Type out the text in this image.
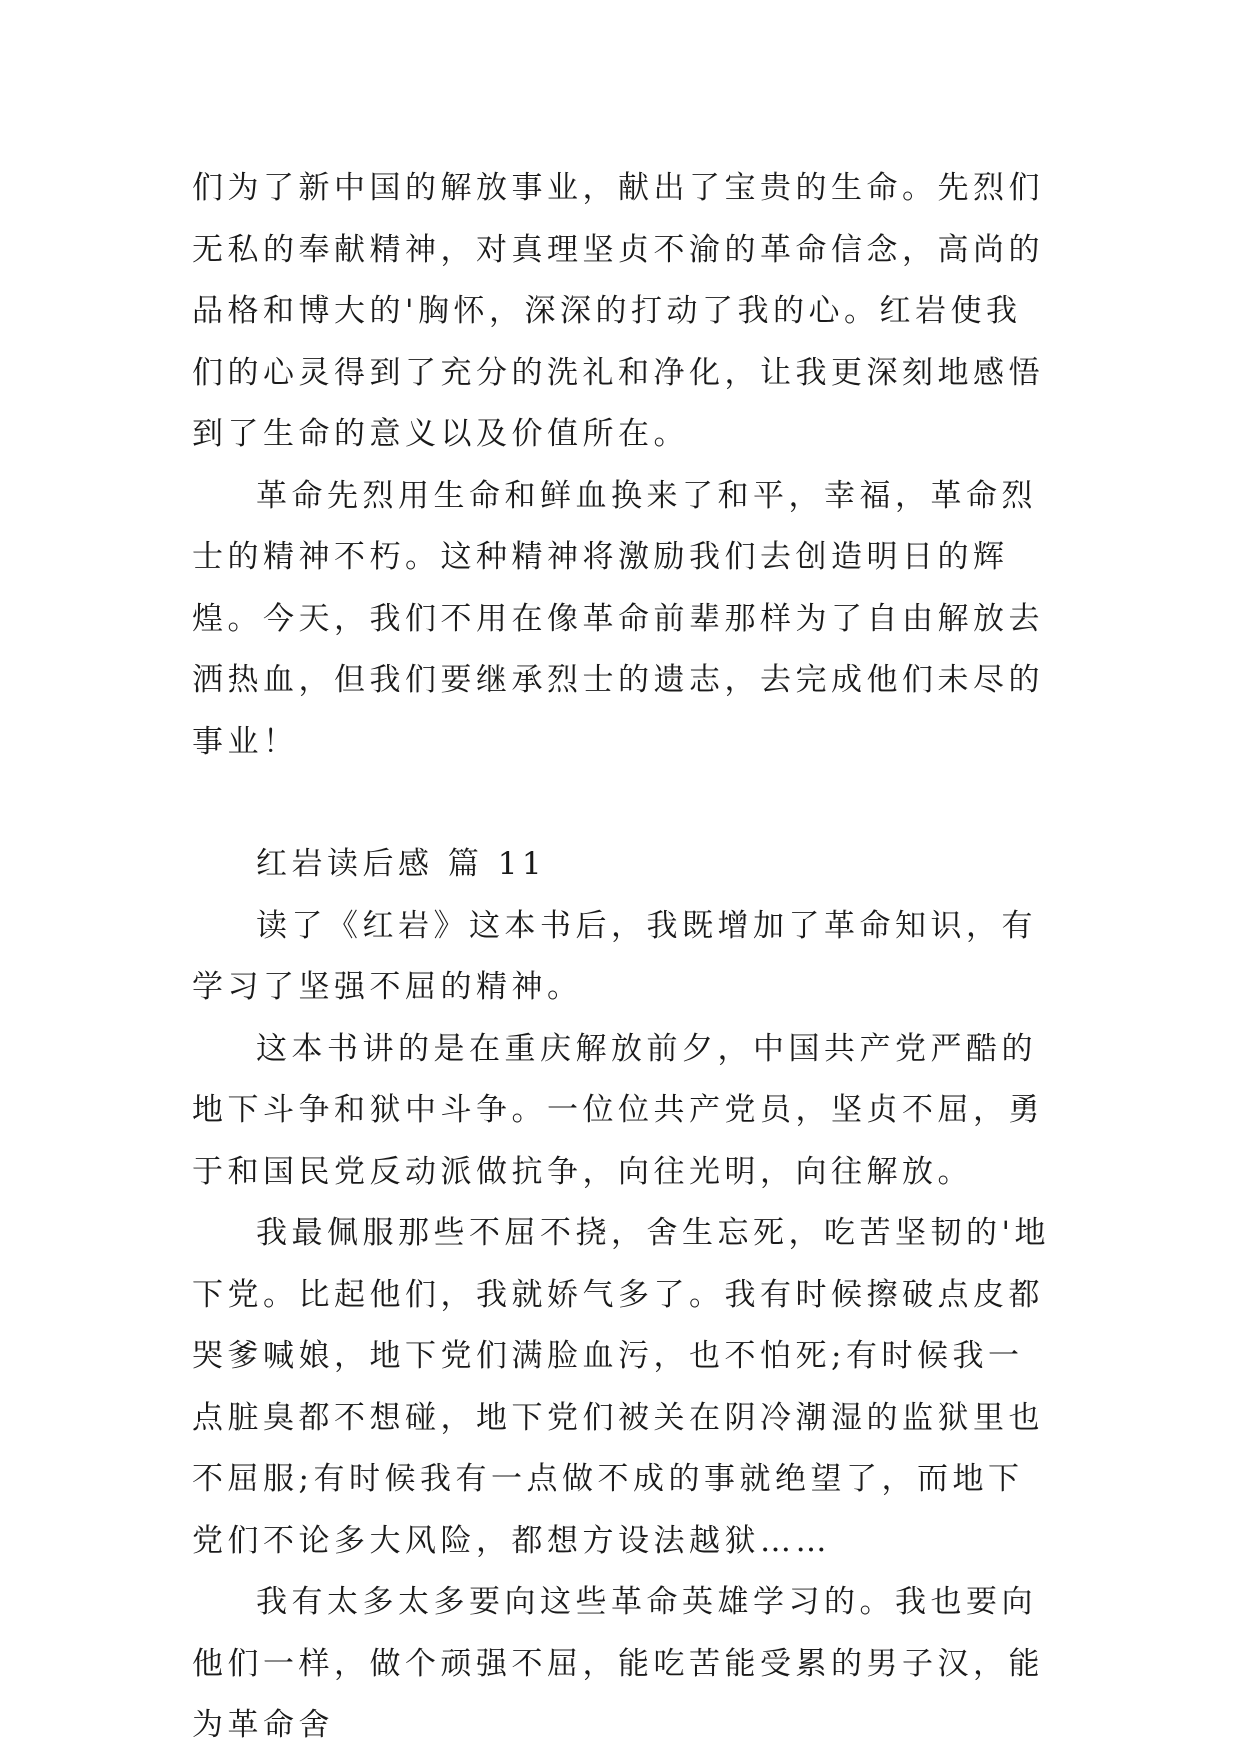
们为了新中国的解放事业，献出了宝贵的生命。先烈们无私的奉献精神，对真理坚贞不渝的革命信念，高尚的品格和博大的'胸怀，深深的打动了我的心。红岩使我们的心灵得到了充分的洗礼和净化，让我更深刻地感悟到了生命的意义以及价值所在。

革命先烈用生命和鲜血换来了和平，幸福，革命烈士的精神不朽。这种精神将激励我们去创造明日的辉煌。今天，我们不用在像革命前辈那样为了自由解放去洒热血，但我们要继承烈士的遗志，去完成他们未尽的事业！

红岩读后感 篇 11

读了《红岩》这本书后，我既增加了革命知识，有学习了坚强不屈的精神。

这本书讲的是在重庆解放前夕，中国共产党严酷的地下斗争和狱中斗争。一位位共产党员，坚贞不屈，勇于和国民党反动派做抗争，向往光明，向往解放。

我最佩服那些不屈不挠，舍生忘死，吃苦坚韧的'地下党。比起他们，我就娇气多了。我有时候擦破点皮都哭爹喊娘，地下党们满脸血污，也不怕死;有时候我一点脏臭都不想碰，地下党们被关在阴冷潮湿的监狱里也不屈服;有时候我有一点做不成的事就绝望了，而地下党们不论多大风险，都想方设法越狱……

我有太多太多要向这些革命英雄学习的。我也要向他们一样，做个顽强不屈，能吃苦能受累的男子汉，能为革命舍
